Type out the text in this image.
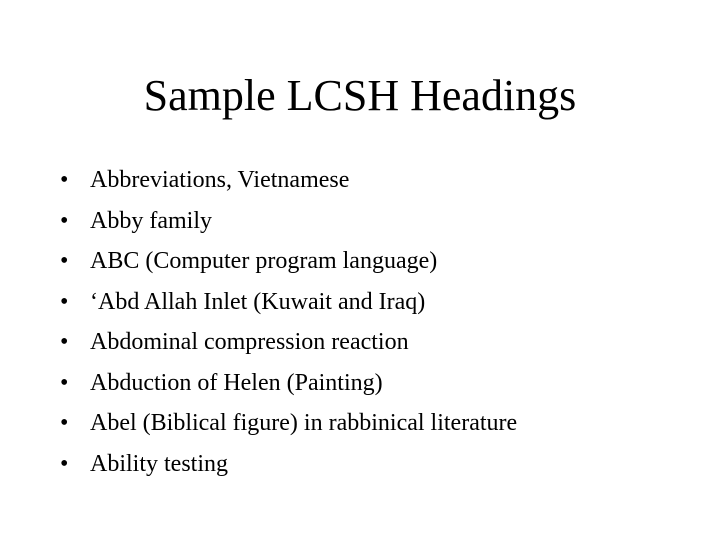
Sample LCSH Headings
• Abbreviations, Vietnamese
• Abby family
• ABC (Computer program language)
• ‘Abd Allah Inlet (Kuwait and Iraq)
• Abdominal compression reaction
• Abduction of Helen (Painting)
• Abel (Biblical figure) in rabbinical literature
• Ability testing
